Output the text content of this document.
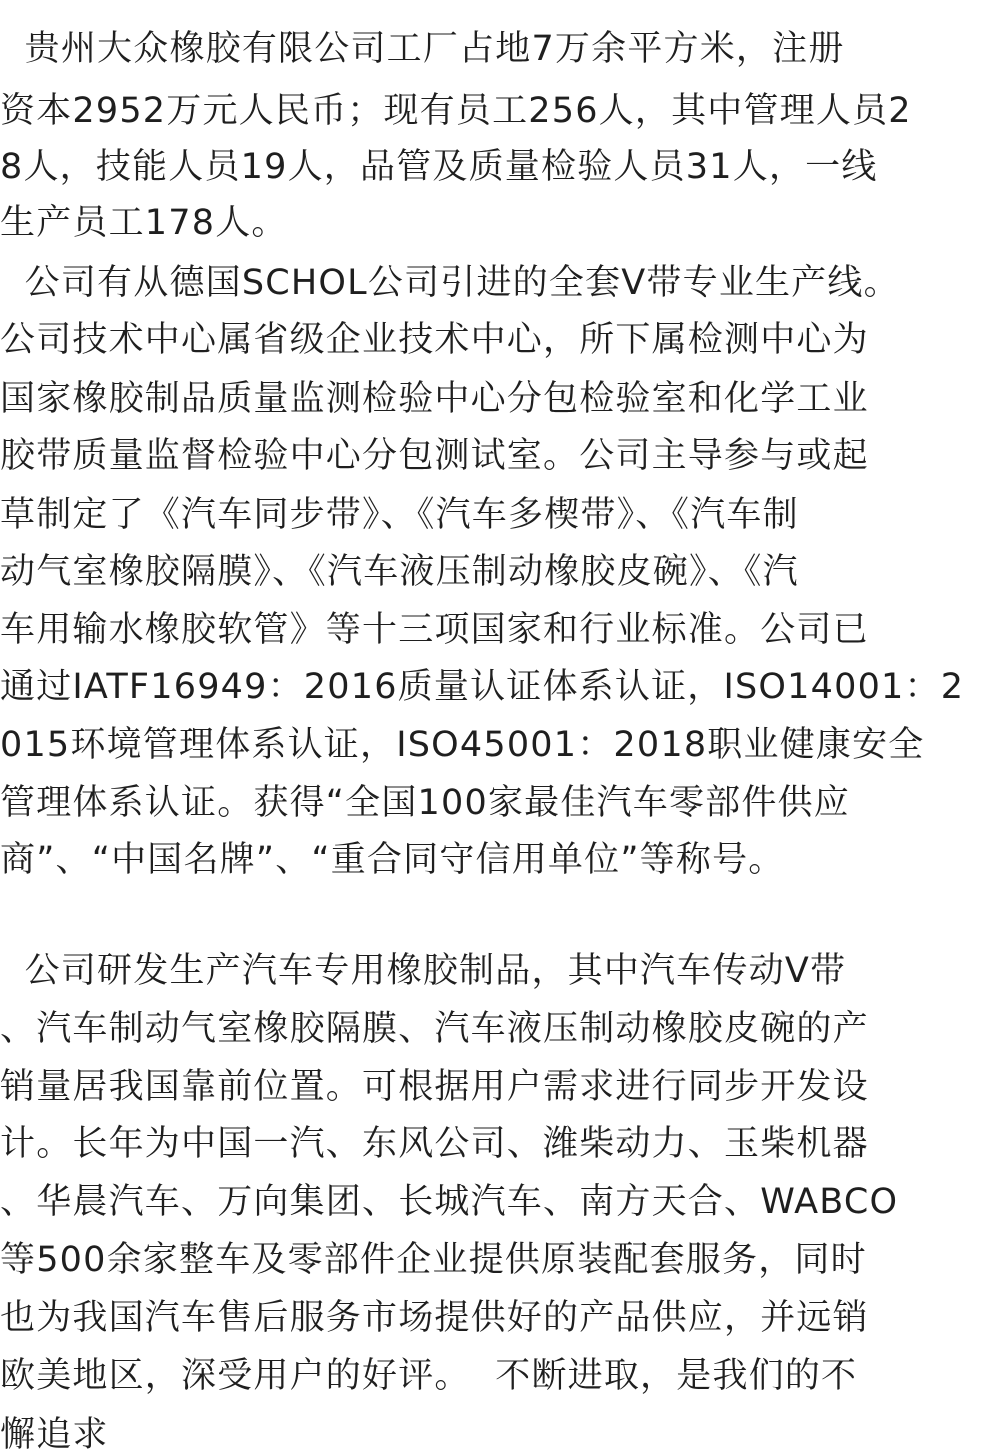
贵州大众橡胶有限公司工厂占地7万余平方米，注册
资本2952万元人民币；现有员工256人，其中管理人员2
8人，技能人员19人，品管及质量检验人员31人，一线
生产员工178人。
公司有从德国SCHOL公司引进的全套V带专业生产线。
公司技术中心属省级企业技术中心，所下属检测中心为
国家橡胶制品质量监测检验中心分包检验室和化学工业
胶带质量监督检验中心分包测试室。公司主导参与或起
草制定了《汽车同步带》、《汽车多楔带》、《汽车制
动气室橡胶隔膜》、《汽车液压制动橡胶皮碗》、《汽
车用输水橡胶软管》等十三项国家和行业标准。公司已
通过IATF16949：2016质量认证体系认证，ISO14001：2
015环境管理体系认证，ISO45001：2018职业健康安全
管理体系认证。获得“全国100家最佳汽车零部件供应
商”、“中国名牌”、“重合同守信用单位”等称号。
公司研发生产汽车专用橡胶制品，其中汽车传动V带
、汽车制动气室橡胶隔膜、汽车液压制动橡胶皮碗的产
销量居我国靠前位置。可根据用户需求进行同步开发设
计。长年为中国一汽、东风公司、潍柴动力、玉柴机器
、华晨汽车、万向集团、长城汽车、南方天合、WABCO
等500余家整车及零部件企业提供原装配套服务，同时
也为我国汽车售后服务市场提供好的产品供应，并远销
欧美地区，深受用户的好评。  不断进取，是我们的不
懈追求
